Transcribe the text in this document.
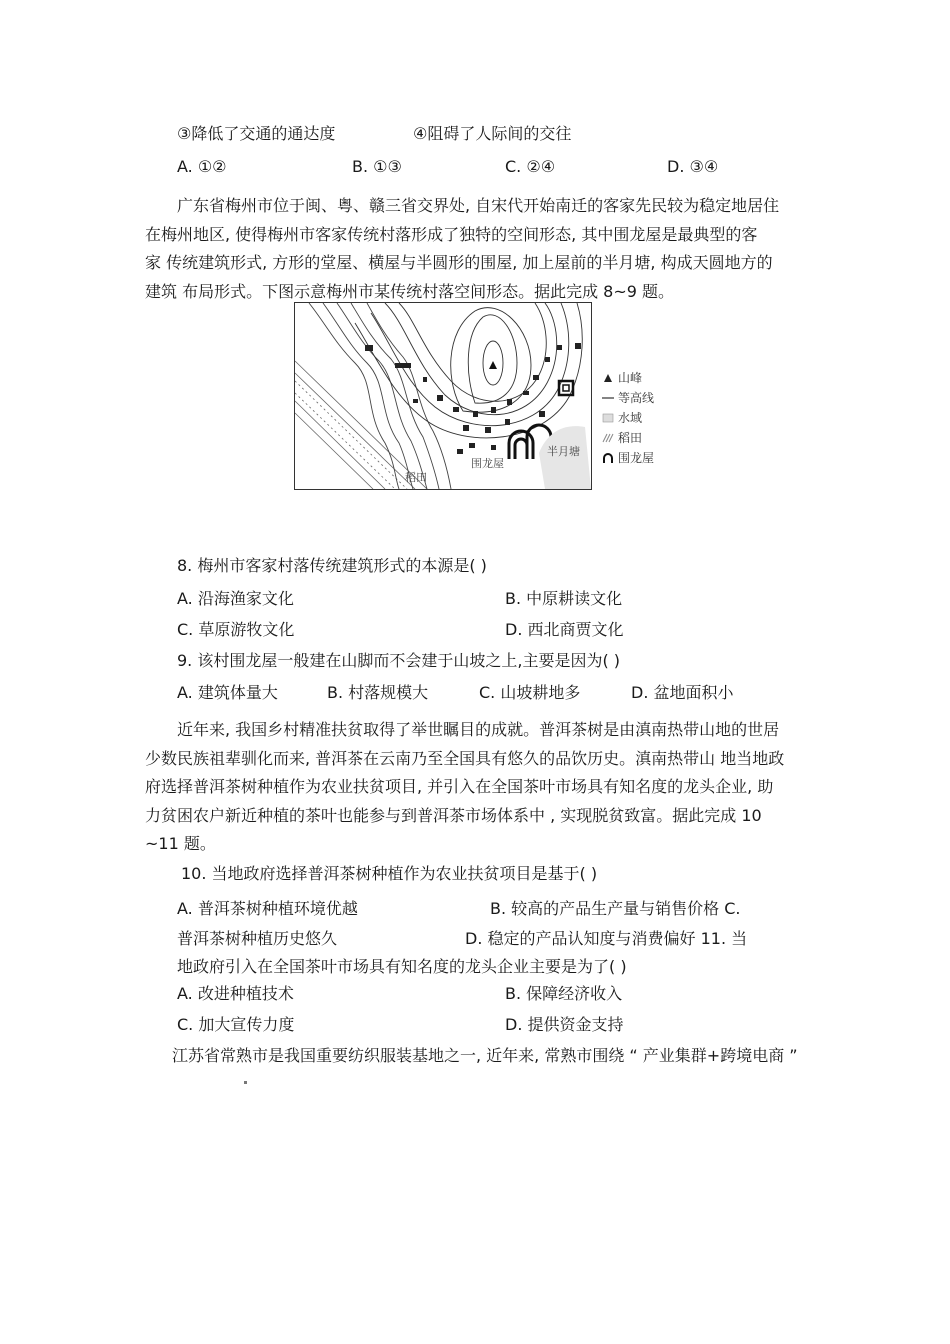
③降低了交通的通达度	④阻碍了人际间的交往
A. ①②	B. ①③	C. ②④	D. ③④
广东省梅州市位于闽、粤、赣三省交界处, 自宋代开始南迁的客家先民较为稳定地居住
在梅州地区, 使得梅州市客家传统村落形成了独特的空间形态, 其中围龙屋是最典型的客
家 传统建筑形式, 方形的堂屋、横屋与半圆形的围屋, 加上屋前的半月塘, 构成天圆地方的
建筑 布局形式。下图示意梅州市某传统村落空间形态。据此完成 8~9 题。
稻田
围龙屋
半月塘
山峰
等高线
水域
稻田
围龙屋
8. 梅州市客家村落传统建筑形式的本源是( )
A. 沿海渔家文化	B. 中原耕读文化
C. 草原游牧文化	D. 西北商贾文化
9. 该村围龙屋一般建在山脚而不会建于山坡之上,主要是因为( )
A. 建筑体量大	B. 村落规模大	C. 山坡耕地多	D. 盆地面积小
近年来, 我国乡村精准扶贫取得了举世瞩目的成就。普洱茶树是由滇南热带山地的世居
少数民族祖辈驯化而来, 普洱茶在云南乃至全国具有悠久的品饮历史。滇南热带山 地当地政
府选择普洱茶树种植作为农业扶贫项目, 并引入在全国茶叶市场具有知名度的龙头企业, 助
力贫困农户新近种植的茶叶也能参与到普洱茶市场体系中 , 实现脱贫致富。据此完成 10
~11 题。
10. 当地政府选择普洱茶树种植作为农业扶贫项目是基于( )
A. 普洱茶树种植环境优越	B. 较高的产品生产量与销售价格 C.
普洱茶树种植历史悠久	D. 稳定的产品认知度与消费偏好 11. 当
地政府引入在全国茶叶市场具有知名度的龙头企业主要是为了( )
A. 改进种植技术	B. 保障经济收入
C. 加大宣传力度	D. 提供资金支持
江苏省常熟市是我国重要纺织服装基地之一, 近年来, 常熟市围绕 “ 产业集群+跨境电商 ”
